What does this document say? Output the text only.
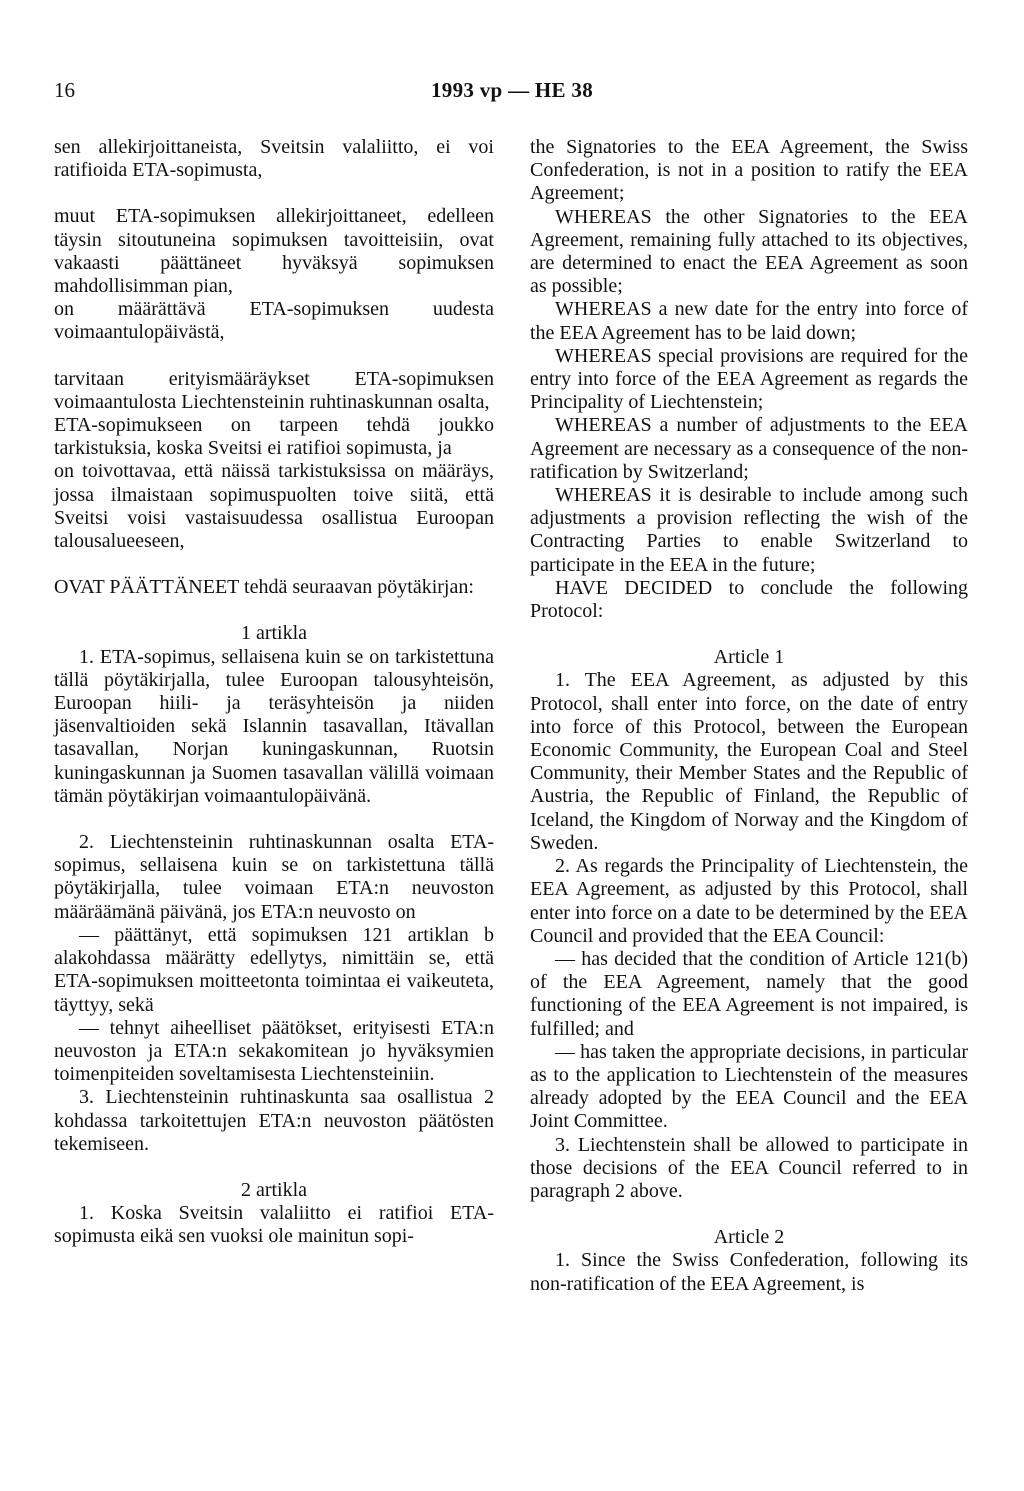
16	1993 vp — HE 38

sen allekirjoittaneista, Sveitsin valaliitto, ei voi ratifioida ETA-sopimusta,

muut ETA-sopimuksen allekirjoittaneet, edelleen täysin sitoutuneina sopimuksen tavoitteisiin, ovat vakaasti päättäneet hyväksyä sopimuksen mahdollisimman pian,

on määrättävä ETA-sopimuksen uudesta voimaantulopäivästä,

tarvitaan erityismääräykset ETA-sopimuksen voimaantulosta Liechtensteinin ruhtinaskunnan osalta,

ETA-sopimukseen on tarpeen tehdä joukko tarkistuksia, koska Sveitsi ei ratifioi sopimusta, ja

on toivottavaa, että näissä tarkistuksissa on määräys, jossa ilmaistaan sopimuspuolten toive siitä, että Sveitsi voisi vastaisuudessa osallistua Euroopan talousalueeseen,

OVAT PÄÄTTÄNEET tehdä seuraavan pöytäkirjan:

1 artikla

1. ETA-sopimus, sellaisena kuin se on tarkistettuna tällä pöytäkirjalla, tulee Euroopan talousyhteisön, Euroopan hiili- ja teräsyhteisön ja niiden jäsenvaltioiden sekä Islannin tasavallan, Itävallan tasavallan, Norjan kuningaskunnan, Ruotsin kuningaskunnan ja Suomen tasavallan välillä voimaan tämän pöytäkirjan voimaantulopäivänä.

2. Liechtensteinin ruhtinaskunnan osalta ETA-sopimus, sellaisena kuin se on tarkistettuna tällä pöytäkirjalla, tulee voimaan ETA:n neuvoston määräämänä päivänä, jos ETA:n neuvosto on

— päättänyt, että sopimuksen 121 artiklan b alakohdassa määrätty edellytys, nimittäin se, että ETA-sopimuksen moitteetonta toimintaa ei vaikeuteta, täyttyy, sekä

— tehnyt aiheelliset päätökset, erityisesti ETA:n neuvoston ja ETA:n sekakomitean jo hyväksymien toimenpiteiden soveltamisesta Liechtensteiniin.

3. Liechtensteinin ruhtinaskunta saa osallistua 2 kohdassa tarkoitettujen ETA:n neuvoston päätösten tekemiseen.

2 artikla

1. Koska Sveitsin valaliitto ei ratifioi ETA-sopimusta eikä sen vuoksi ole mainitun sopi-

the Signatories to the EEA Agreement, the Swiss Confederation, is not in a position to ratify the EEA Agreement;

WHEREAS the other Signatories to the EEA Agreement, remaining fully attached to its objectives, are determined to enact the EEA Agreement as soon as possible;

WHEREAS a new date for the entry into force of the EEA Agreement has to be laid down;

WHEREAS special provisions are required for the entry into force of the EEA Agreement as regards the Principality of Liechtenstein;

WHEREAS a number of adjustments to the EEA Agreement are necessary as a consequence of the non-ratification by Switzerland;

WHEREAS it is desirable to include among such adjustments a provision reflecting the wish of the Contracting Parties to enable Switzerland to participate in the EEA in the future;

HAVE DECIDED to conclude the following Protocol:

Article 1

1. The EEA Agreement, as adjusted by this Protocol, shall enter into force, on the date of entry into force of this Protocol, between the European Economic Community, the European Coal and Steel Community, their Member States and the Republic of Austria, the Republic of Finland, the Republic of Iceland, the Kingdom of Norway and the Kingdom of Sweden.

2. As regards the Principality of Liechtenstein, the EEA Agreement, as adjusted by this Protocol, shall enter into force on a date to be determined by the EEA Council and provided that the EEA Council:

— has decided that the condition of Article 121(b) of the EEA Agreement, namely that the good functioning of the EEA Agreement is not impaired, is fulfilled; and

— has taken the appropriate decisions, in particular as to the application to Liechtenstein of the measures already adopted by the EEA Council and the EEA Joint Committee.

3. Liechtenstein shall be allowed to participate in those decisions of the EEA Council referred to in paragraph 2 above.

Article 2

1. Since the Swiss Confederation, following its non-ratification of the EEA Agreement, is
